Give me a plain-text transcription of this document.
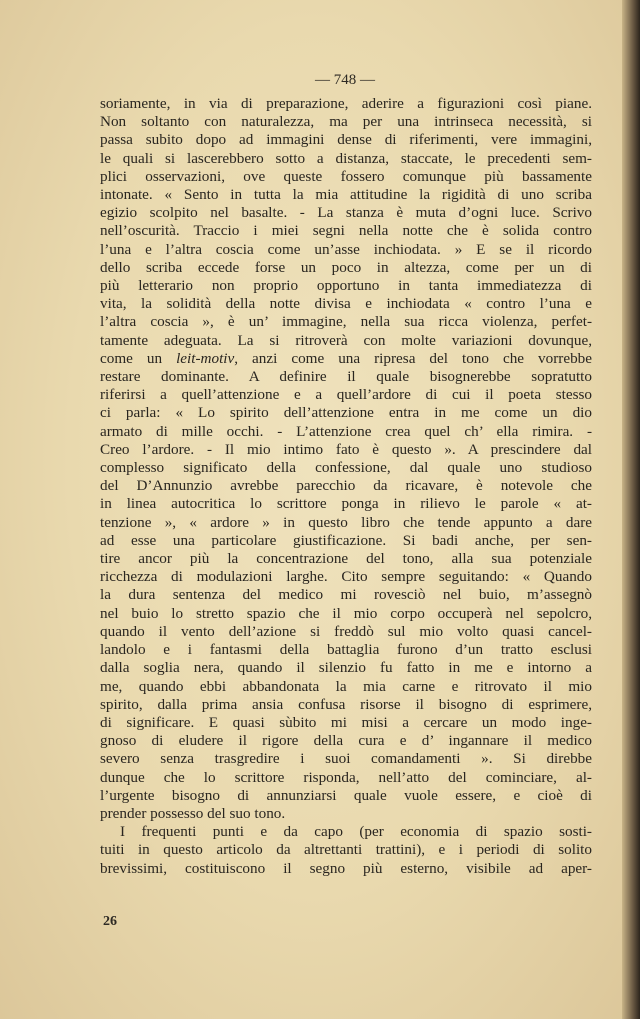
— 748 —
soriamente, in via di preparazione, aderire a figurazioni così piane.
Non soltanto con naturalezza, ma per una intrinseca necessità, si
passa subito dopo ad immagini dense di riferimenti, vere immagini,
le quali si lascerebbero sotto a distanza, staccate, le precedenti sem-
plici osservazioni, ove queste fossero comunque più bassamente
intonate. « Sento in tutta la mia attitudine la rigidità di uno scriba
egizio scolpito nel basalte. - La stanza è muta d’ogni luce. Scrivo
nell’oscurità. Traccio i miei segni nella notte che è solida contro
l’una e l’altra coscia come un’asse inchiodata. » E se il ricordo
dello scriba eccede forse un poco in altezza, come per un di
più letterario non proprio opportuno in tanta immediatezza di
vita, la solidità della notte divisa e inchiodata « contro l’una e
l’altra coscia », è un’ immagine, nella sua ricca violenza, perfet-
tamente adeguata. La si ritroverà con molte variazioni dovunque,
come un leit-motiv, anzi come una ripresa del tono che vorrebbe
restare dominante. A definire il quale bisognerebbe sopratutto
riferirsi a quell’attenzione e a quell’ardore di cui il poeta stesso
ci parla: « Lo spirito dell’attenzione entra in me come un dio
armato di mille occhi. - L’attenzione crea quel ch’ ella rimira. -
Creo l’ardore. - Il mio intimo fato è questo ». A prescindere dal
complesso significato della confessione, dal quale uno studioso
del D’Annunzio avrebbe parecchio da ricavare, è notevole che
in linea autocritica lo scrittore ponga in rilievo le parole « at-
tenzione », « ardore » in questo libro che tende appunto a dare
ad esse una particolare giustificazione. Si badi anche, per sen-
tire ancor più la concentrazione del tono, alla sua potenziale
ricchezza di modulazioni larghe. Cito sempre seguitando: « Quando
la dura sentenza del medico mi rovesciò nel buio, m’assegnò
nel buio lo stretto spazio che il mio corpo occuperà nel sepolcro,
quando il vento dell’azione si freddò sul mio volto quasi cancel-
landolo e i fantasmi della battaglia furono d’un tratto esclusi
dalla soglia nera, quando il silenzio fu fatto in me e intorno a
me, quando ebbi abbandonata la mia carne e ritrovato il mio
spirito, dalla prima ansia confusa risorse il bisogno di esprimere,
di significare. E quasi sùbito mi misi a cercare un modo inge-
gnoso di eludere il rigore della cura e d’ ingannare il medico
severo senza trasgredire i suoi comandamenti ». Si direbbe
dunque che lo scrittore risponda, nell’atto del cominciare, al-
l’urgente bisogno di annunziarsi quale vuole essere, e cioè di
prender possesso del suo tono.
I frequenti punti e da capo (per economia di spazio sosti-
tuiti in questo articolo da altrettanti trattini), e i periodi di solito
brevissimi, costituiscono il segno più esterno, visibile ad aper-
26
